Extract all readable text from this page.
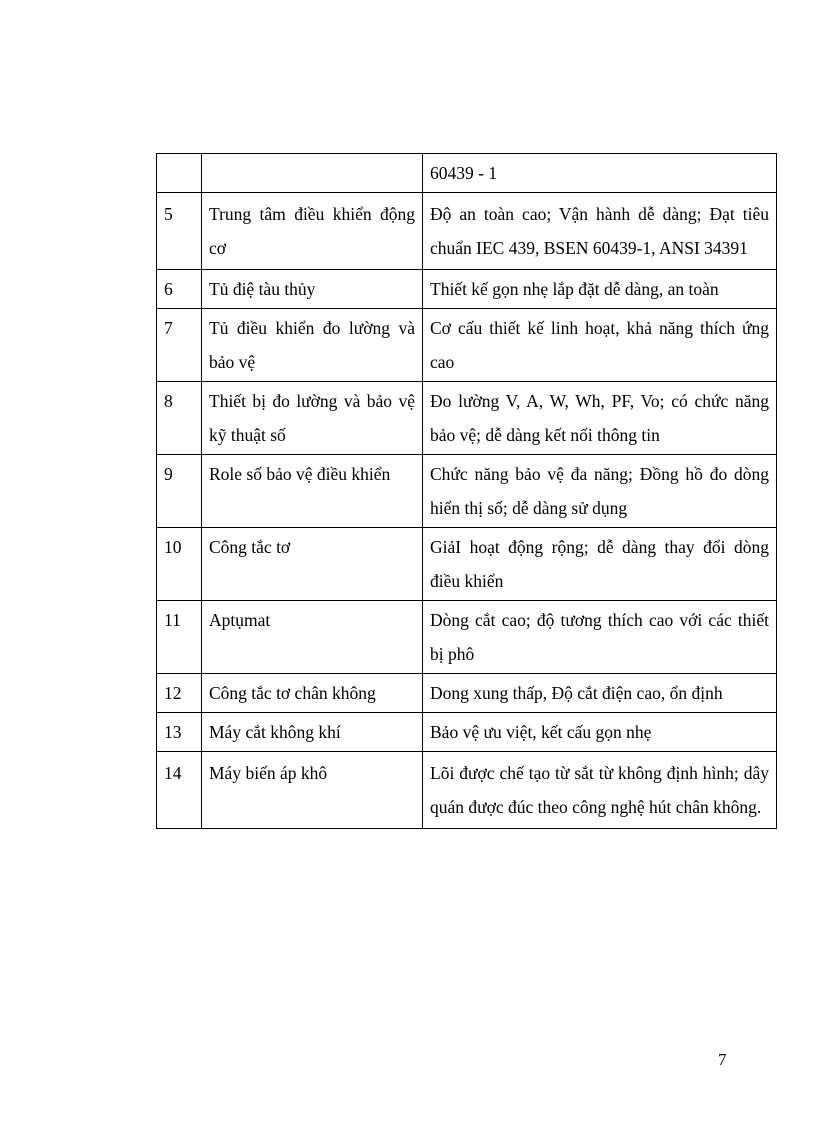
		60439 - 1
5	Trung tâm điều khiển động cơ	Độ an toàn cao; Vận hành dễ dàng; Đạt tiêu chuẩn IEC 439, BSEN 60439-1, ANSI 34391
6	Tủ điệ tàu thủy	Thiết kế gọn nhẹ lắp đặt dễ dàng, an toàn
7	Tủ điều khiển đo lường và bảo vệ	Cơ cấu thiết kế linh hoạt, khả năng thích ứng cao
8	Thiết bị đo lường và bảo vệ kỹ thuật số	Đo lường V, A, W, Wh, PF, Vo; có chức năng bảo vệ; dễ dàng kết nối thông tin
9	Role số bảo vệ điều khiển	Chức năng bảo vệ đa năng; Đồng hồ đo dòng hiển thị số; dễ dàng sử dụng
10	Công tắc tơ	GiảI hoạt động rộng; dễ dàng thay đổi dòng điều khiển
11	Aptụmat	Dòng cắt cao; độ tương thích cao với các thiết bị phô
12	Công tắc tơ chân không	Dong xung thấp, Độ cắt điện cao, ổn định
13	Máy cắt không khí	Bảo vệ ưu việt, kết cấu gọn nhẹ
14	Máy biến áp khô	Lõi được chế tạo từ sắt từ không định hình; dây quán được đúc theo công nghệ hút chân không.
7
